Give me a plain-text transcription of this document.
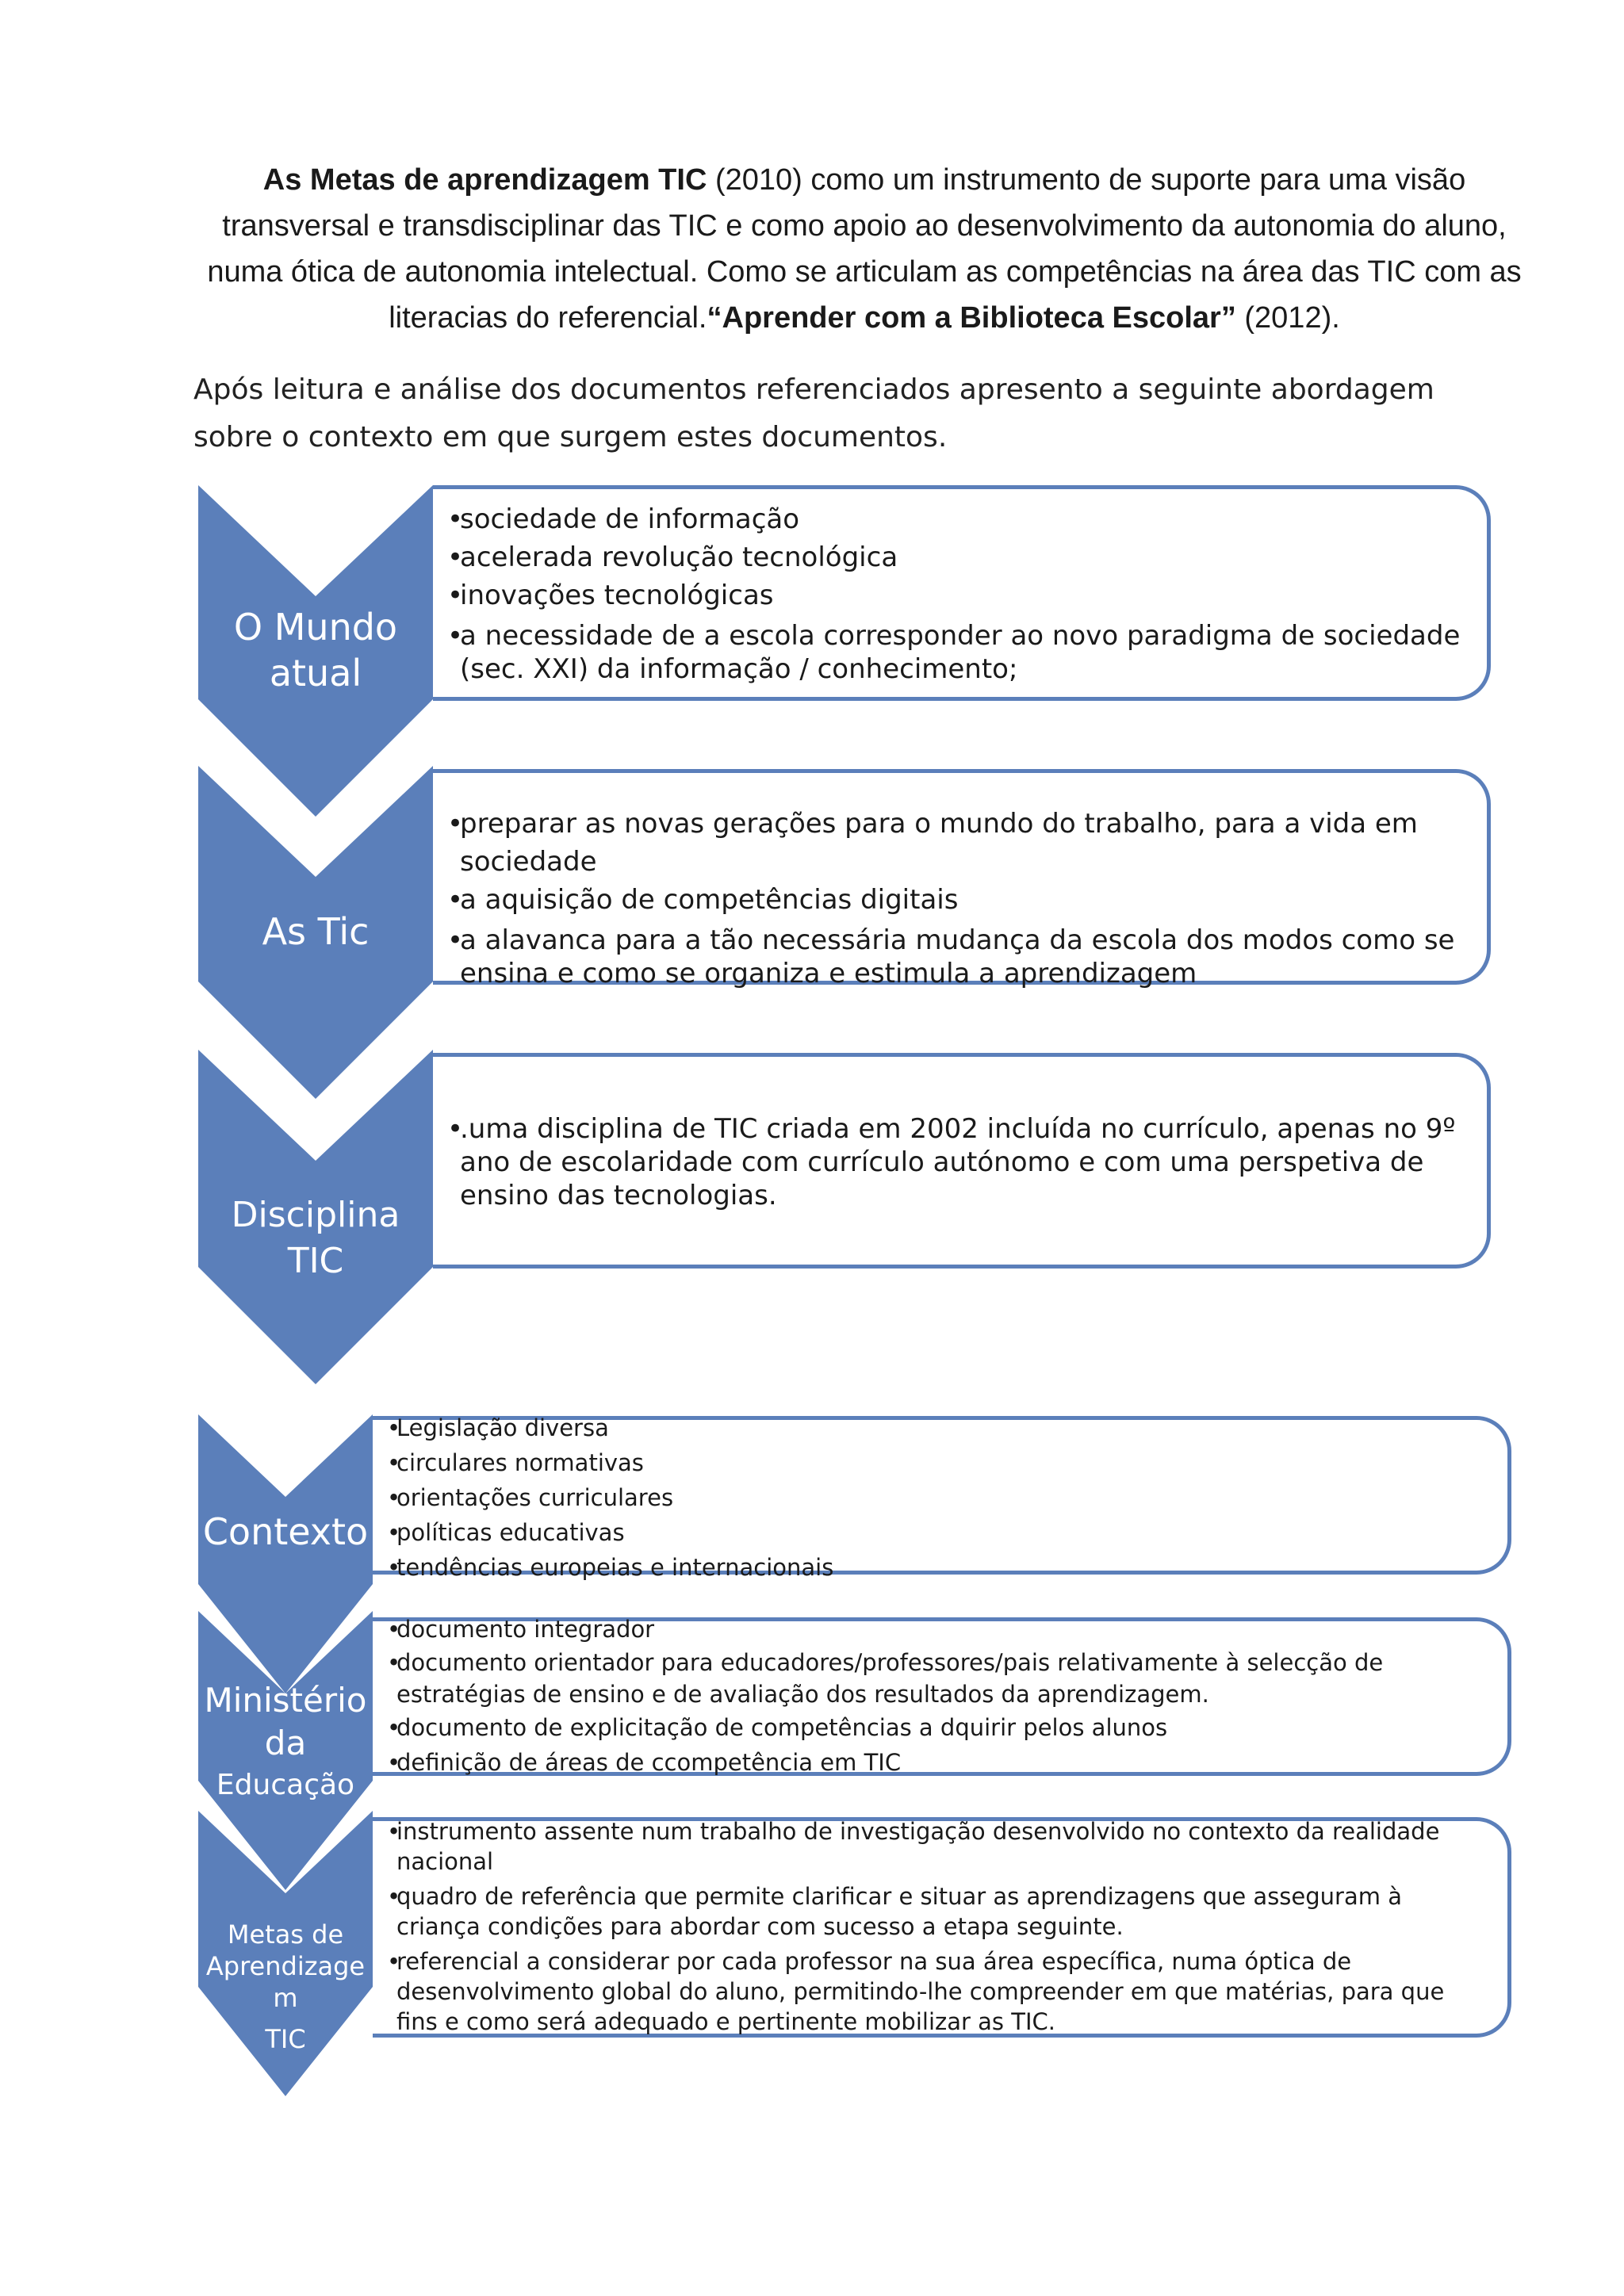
As Metas de aprendizagem TIC (2010) como um instrumento de suporte para uma visão transversal e transdisciplinar das TIC e como apoio ao desenvolvimento da autonomia do aluno, numa ótica de autonomia intelectual. Como se articulam as competências na área das TIC com as literacias do referencial.“Aprender com a Biblioteca Escolar” (2012).
Após leitura e análise dos documentos referenciados apresento a seguinte abordagem sobre o contexto em que surgem estes documentos.
O Mundo atual
•
sociedade de informação
•
acelerada revolução tecnológica
•
inovações tecnológicas
•
a necessidade de a escola corresponder ao novo paradigma de sociedade (sec. XXI) da informação / conhecimento;
As Tic
•
preparar as novas gerações para o mundo do trabalho, para a vida em sociedade
•
a aquisição de competências digitais
•
a alavanca para a tão necessária mudança da escola dos modos como se ensina e como se organiza e estimula a aprendizagem
Disciplina TIC
•
.uma disciplina de TIC criada em 2002 incluída no currículo, apenas no 9º ano de escolaridade com currículo autónomo e com uma perspetiva de ensino das tecnologias.
Contexto
•
Legislação diversa
•
circulares normativas
•
orientações curriculares
•
políticas educativas
•
tendências europeias e internacionais
Ministério
da
Educação
•
documento integrador
•
documento orientador para educadores/professores/pais relativamente à selecção de estratégias de ensino e de avaliação dos resultados da aprendizagem.
•
documento de explicitação de competências a dquirir pelos alunos
•
definição de áreas de ccompetência em TIC
Metas de
Aprendizage
m
TIC
•
instrumento assente num trabalho de investigação desenvolvido no contexto da realidade nacional
•
quadro de referência que permite clarificar e situar as aprendizagens que asseguram à criança condições para abordar com sucesso a etapa seguinte.
•
referencial a considerar por cada professor na sua área específica, numa óptica de desenvolvimento global do aluno, permitindo-lhe compreender em que matérias, para que fins e como será adequado e pertinente mobilizar as TIC.
